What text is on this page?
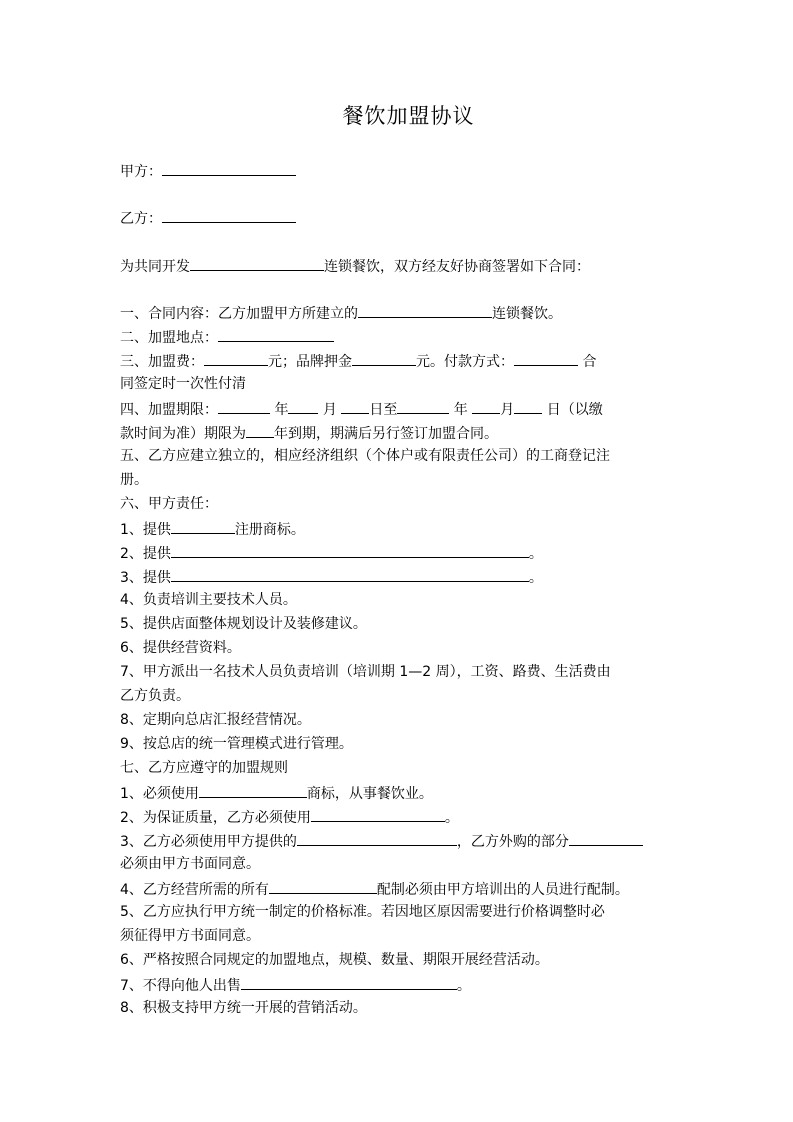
餐饮加盟协议
甲方：
乙方：
为共同开发	连锁餐饮，双方经友好协商签署如下合同：
一、合同内容：乙方加盟甲方所建立的	连锁餐饮。
二、加盟地点：
三、加盟费：	元；品牌押金	元。付款方式：	合
同签定时一次性付清
四、加盟期限：	年 月 日至	年 月 日（以缴
款时间为准）期限为 年到期，期满后另行签订加盟合同。
五、乙方应建立独立的，相应经济组织（个体户或有限责任公司）的工商登记注
册。
六、甲方责任：
1、提供	注册商标。
2、提供	。
3、提供	。
4、负责培训主要技术人员。
5、提供店面整体规划设计及装修建议。
6、提供经营资料。
7、甲方派出一名技术人员负责培训（培训期 1—2 周），工资、路费、生活费由
乙方负责。
8、定期向总店汇报经营情况。
9、按总店的统一管理模式进行管理。
七、乙方应遵守的加盟规则
1、必须使用	商标，从事餐饮业。
2、为保证质量，乙方必须使用	。
3、乙方必须使用甲方提供的	，乙方外购的部分
必须由甲方书面同意。
4、乙方经营所需的所有	配制必须由甲方培训出的人员进行配制。
5、乙方应执行甲方统一制定的价格标准。若因地区原因需要进行价格调整时必
须征得甲方书面同意。
6、严格按照合同规定的加盟地点，规模、数量、期限开展经营活动。
7、不得向他人出售	。
8、积极支持甲方统一开展的营销活动。
